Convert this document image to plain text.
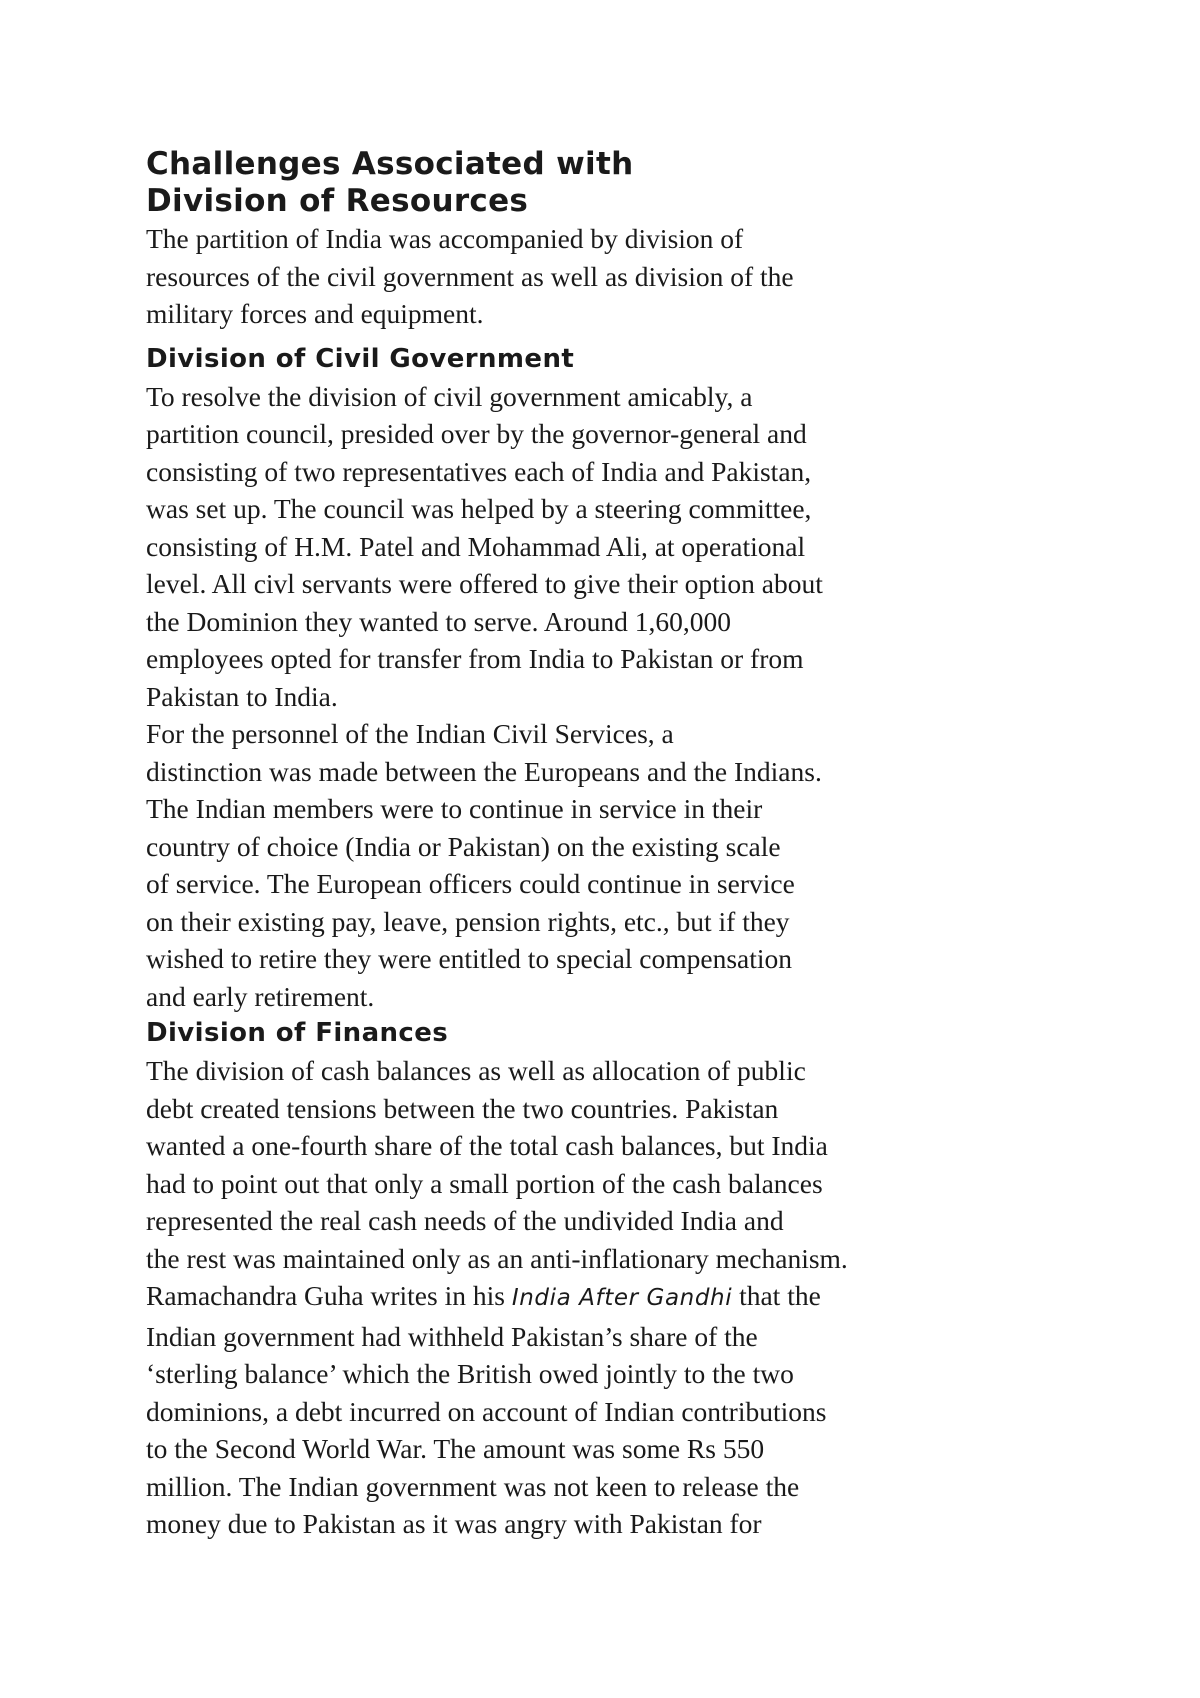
Challenges Associated with
Division of Resources

The partition of India was accompanied by division of
resources of the civil government as well as division of the
military forces and equipment.

Division of Civil Government

To resolve the division of civil government amicably, a
partition council, presided over by the governor-general and
consisting of two representatives each of India and Pakistan,
was set up. The council was helped by a steering committee,
consisting of H.M. Patel and Mohammad Ali, at operational
level. All civl servants were offered to give their option about
the Dominion they wanted to serve. Around 1,60,000
employees opted for transfer from India to Pakistan or from
Pakistan to India.

For the personnel of the Indian Civil Services, a
distinction was made between the Europeans and the Indians.
The Indian members were to continue in service in their
country of choice (India or Pakistan) on the existing scale
of service. The European officers could continue in service
on their existing pay, leave, pension rights, etc., but if they
wished to retire they were entitled to special compensation
and early retirement.

Division of Finances

The division of cash balances as well as allocation of public
debt created tensions between the two countries. Pakistan
wanted a one-fourth share of the total cash balances, but India
had to point out that only a small portion of the cash balances
represented the real cash needs of the undivided India and
the rest was maintained only as an anti-inflationary mechanism.
Ramachandra Guha writes in his India After Gandhi that the
Indian government had withheld Pakistan’s share of the
‘sterling balance’ which the British owed jointly to the two
dominions, a debt incurred on account of Indian contributions
to the Second World War. The amount was some Rs 550
million. The Indian government was not keen to release the
money due to Pakistan as it was angry with Pakistan for
